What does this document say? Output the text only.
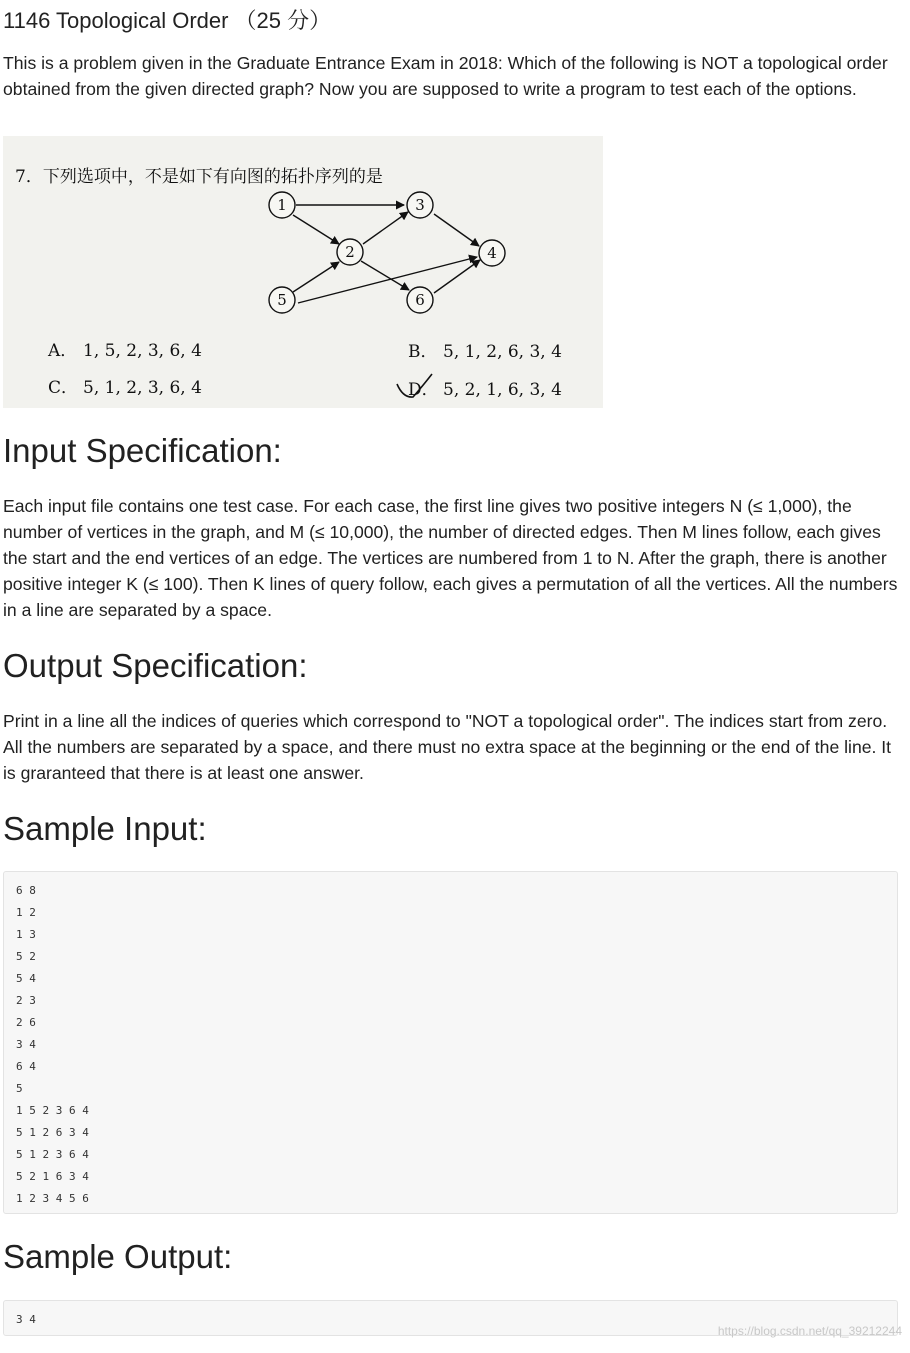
1146 Topological Order （25 分）
This is a problem given in the Graduate Entrance Exam in 2018: Which of the following is NOT a topological order obtained from the given directed graph? Now you are supposed to write a program to test each of the options.
7．下列选项中，不是如下有向图的拓扑序列的是
1
2
3
4
5	6
A． 1, 5, 2, 3, 6, 4	B． 5, 1, 2, 6, 3, 4
C． 5, 1, 2, 3, 6, 4	D． 5, 2, 1, 6, 3, 4
Input Specification:
Each input file contains one test case. For each case, the first line gives two positive integers N (≤ 1,000), the number of vertices in the graph, and M (≤ 10,000), the number of directed edges. Then M lines follow, each gives the start and the end vertices of an edge. The vertices are numbered from 1 to N. After the graph, there is another positive integer K (≤ 100). Then K lines of query follow, each gives a permutation of all the vertices. All the numbers in a line are separated by a space.
Output Specification:
Print in a line all the indices of queries which correspond to "NOT a topological order". The indices start from zero. All the numbers are separated by a space, and there must no extra space at the beginning or the end of the line. It is graranteed that there is at least one answer.
Sample Input:
6 8
1 2
1 3
5 2
5 4
2 3
2 6
3 4
6 4
5
1 5 2 3 6 4
5 1 2 6 3 4
5 1 2 3 6 4
5 2 1 6 3 4
1 2 3 4 5 6
Sample Output:
3 4
https://blog.csdn.net/qq_39212244
